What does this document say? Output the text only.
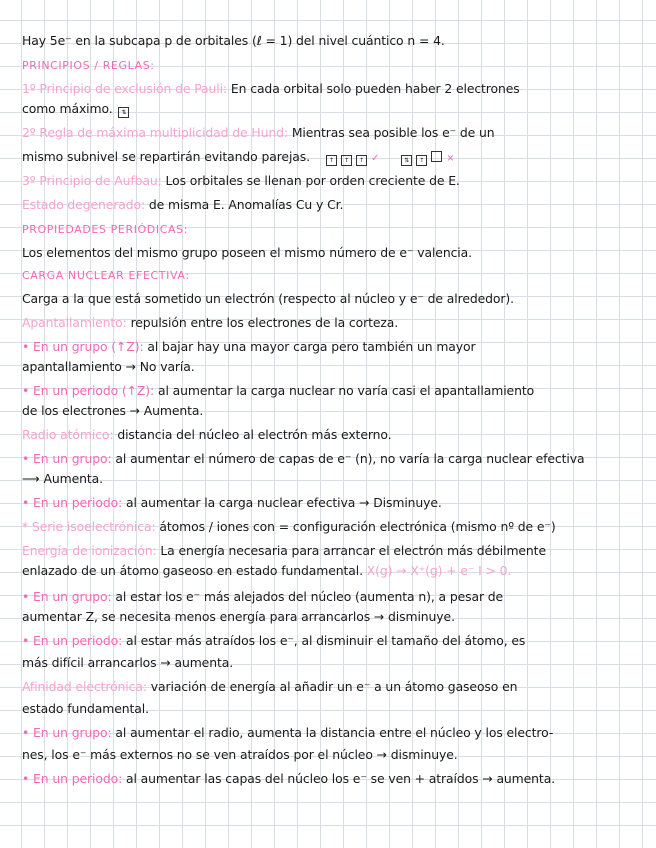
Hay 5e⁻ en la subcapa p de orbitales (ℓ = 1) del nivel cuántico n = 4.
PRINCIPIOS / REGLAS:
1º Principio de exclusión de Pauli: En cada orbital solo pueden haber 2 electrones
como máximo. ⇅
2º Regla de máxima multiplicidad de Hund: Mientras sea posible los e⁻ de un
mismo subnivel se repartirán evitando parejas.	↑ ↑ ↑ ✓	⇅ ↑ ×
3º Principio de Aufbau: Los orbitales se llenan por orden creciente de E.
Estado degenerado: de misma E. Anomalías Cu y Cr.
PROPIEDADES PERIÓDICAS:
Los elementos del mismo grupo poseen el mismo número de e⁻ valencia.
CARGA NUCLEAR EFECTIVA:
Carga a la que está sometido un electrón (respecto al núcleo y e⁻ de alrededor).
Apantallamiento: repulsión entre los electrones de la corteza.
• En un grupo (↑Z): al bajar hay una mayor carga pero también un mayor
apantallamiento → No varía.
• En un periodo (↑Z): al aumentar la carga nuclear no varía casi el apantallamiento
de los electrones → Aumenta.
Radio atómico: distancia del núcleo al electrón más externo.
• En un grupo: al aumentar el número de capas de e⁻ (n), no varía la carga nuclear efectiva
⟶ Aumenta.
• En un periodo: al aumentar la carga nuclear efectiva → Disminuye.
* Serie isoelectrónica: átomos / iones con = configuración electrónica (mismo nº de e⁻)
Energía de ionización: La energía necesaria para arrancar el electrón más débilmente
enlazado de un átomo gaseoso en estado fundamental. X(g) → X⁺(g) + e⁻ I > 0.
• En un grupo: al estar los e⁻ más alejados del núcleo (aumenta n), a pesar de
aumentar Z, se necesita menos energía para arrancarlos → disminuye.
• En un periodo: al estar más atraídos los e⁻, al disminuir el tamaño del átomo, es
más difícil arrancarlos → aumenta.
Afinidad electrónica: variación de energía al añadir un e⁻ a un átomo gaseoso en
estado fundamental.
• En un grupo: al aumentar el radio, aumenta la distancia entre el núcleo y los electro-
nes, los e⁻ más externos no se ven atraídos por el núcleo → disminuye.
• En un periodo: al aumentar las capas del núcleo los e⁻ se ven + atraídos → aumenta.
